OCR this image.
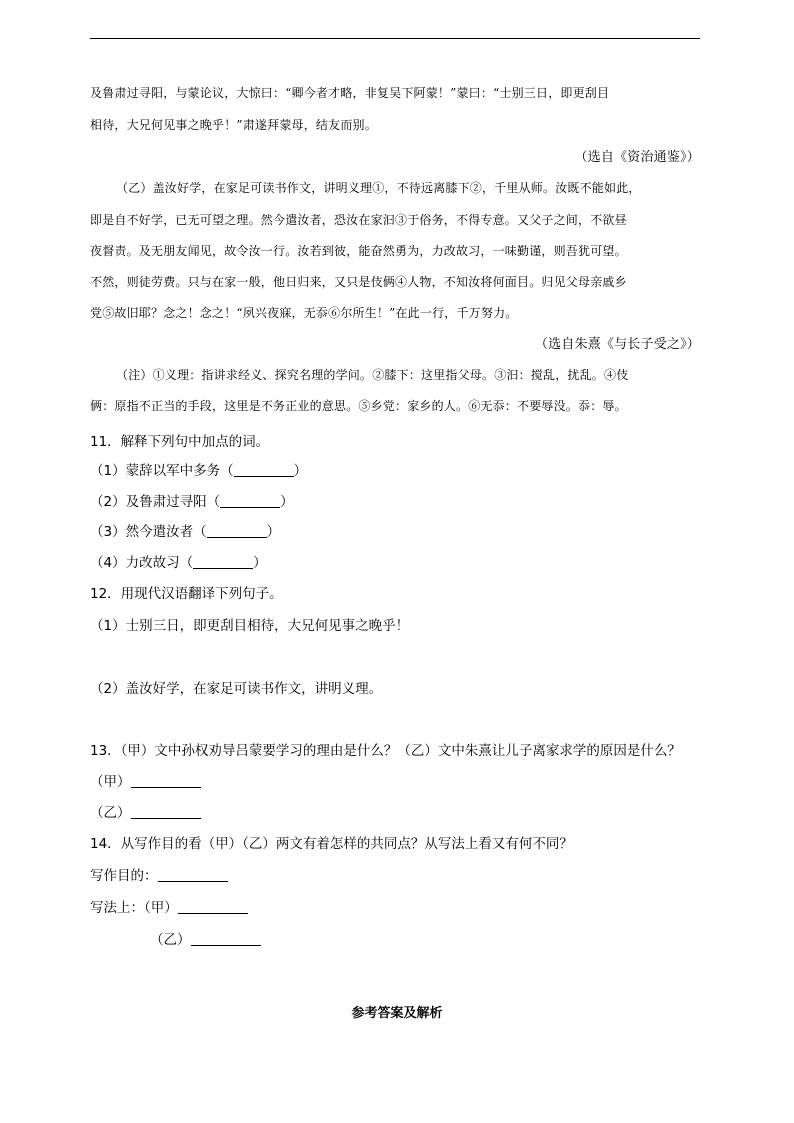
及鲁肃过寻阳，与蒙论议，大惊曰：“卿今者才略，非复吴下阿蒙！”蒙曰：“士别三日，即更刮目
相待，大兄何见事之晚乎！”肃遂拜蒙母，结友而别。
（选自《资治通鉴》）
（乙）盖汝好学，在家足可读书作文，讲明义理①，不待远离膝下②，千里从师。汝既不能如此，
即是自不好学，已无可望之理。然今遣汝者，恐汝在家汩③于俗务，不得专意。又父子之间，不欲昼
夜督责。及无朋友闻见，故令汝一行。汝若到彼，能奋然勇为，力改故习，一味勤谨，则吾犹可望。
不然，则徒劳费。只与在家一般，他日归来，又只是伎俩④人物，不知汝将何面目。归见父母亲戚乡
党⑤故旧耶？念之！念之！“夙兴夜寐，无忝⑥尔所生！”在此一行，千万努力。
（选自朱熹《与长子受之》）
（注）①义理：指讲求经义、探究名理的学问。②膝下：这里指父母。③汩：搅乱，扰乱。④伎
俩：原指不正当的手段，这里是不务正业的意思。⑤乡党：家乡的人。⑥无忝：不要辱没。忝：辱。
11．解释下列句中加点的词。
（1）蒙辞以军中多务（	）
（2）及鲁肃过寻阳（	）
（3）然今遣汝者（	）
（4）力改故习（	）
12．用现代汉语翻译下列句子。
（1）士别三日，即更刮目相待，大兄何见事之晚乎！
（2）盖汝好学，在家足可读书作文，讲明义理。
13．（甲）文中孙权劝导吕蒙要学习的理由是什么？（乙）文中朱熹让儿子离家求学的原因是什么？
（甲）
（乙）
14．从写作目的看（甲）（乙）两文有着怎样的共同点？从写法上看又有何不同？
写作目的：
写法上：（甲）
（乙）
参考答案及解析
